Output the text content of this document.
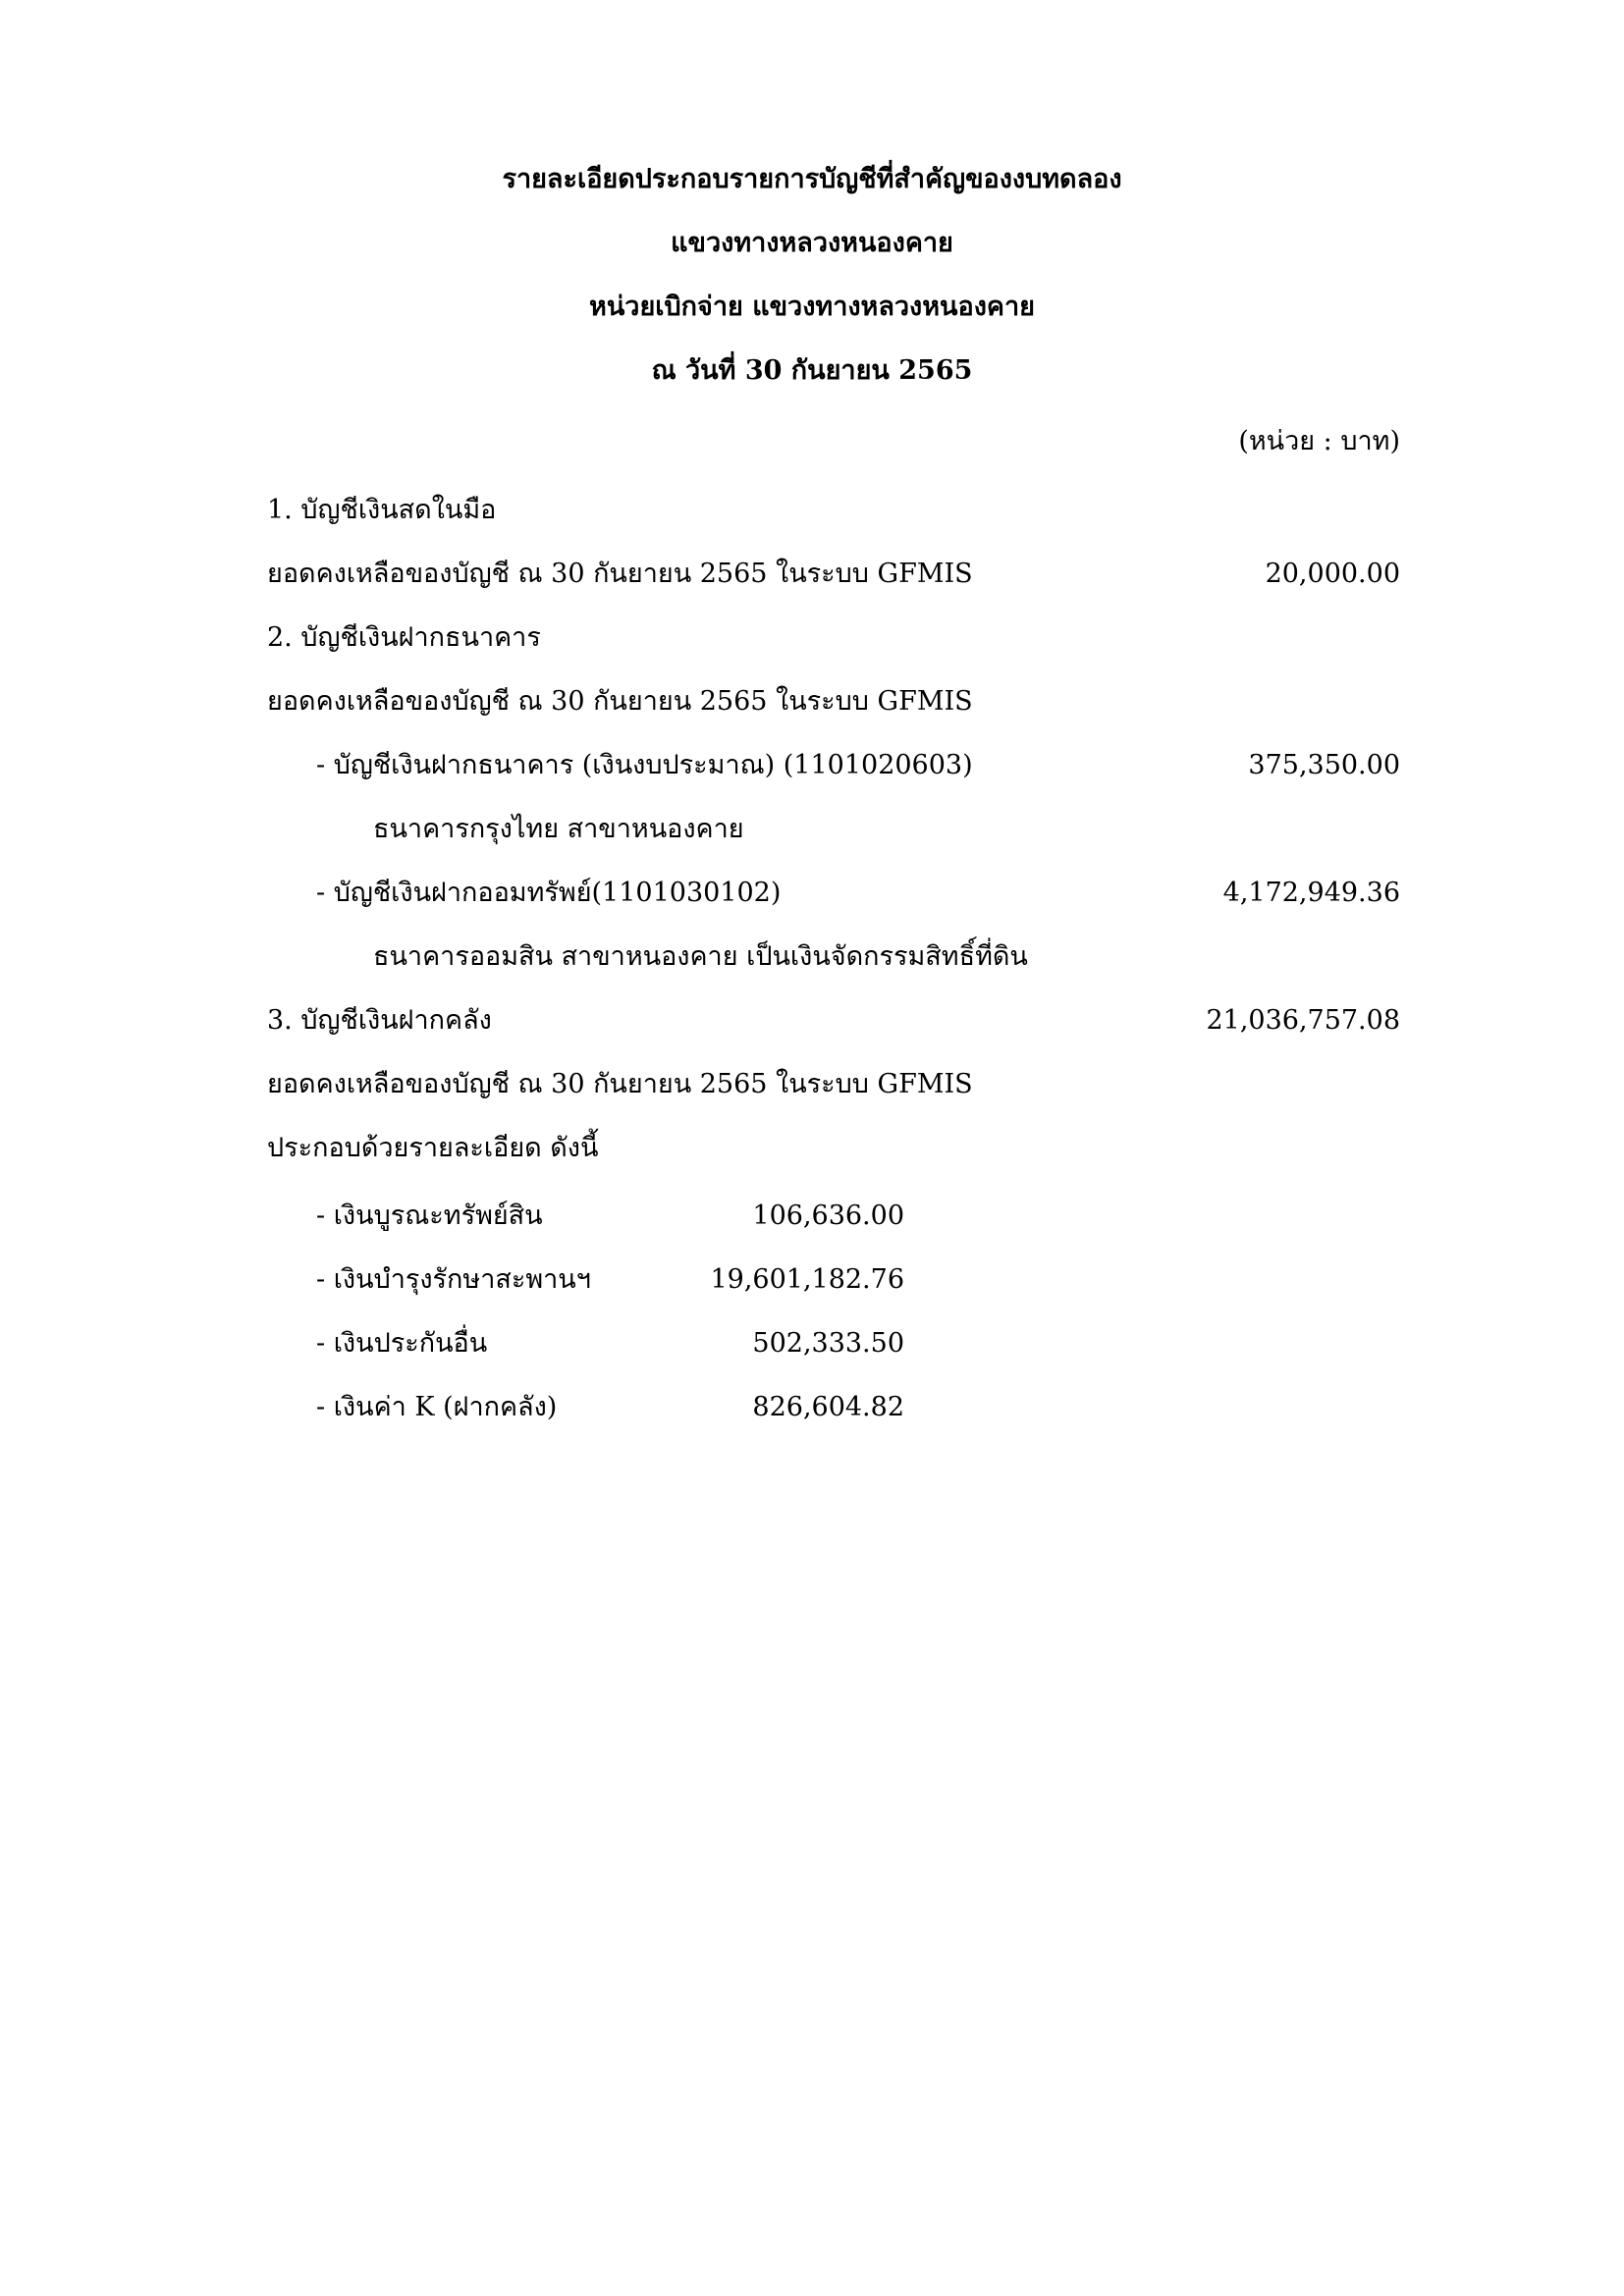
รายละเอียดประกอบรายการบัญชีที่สำคัญของงบทดลอง
แขวงทางหลวงหนองคาย
หน่วยเบิกจ่าย แขวงทางหลวงหนองคาย
ณ วันที่ 30 กันยายน 2565
(หน่วย : บาท)
1. บัญชีเงินสดในมือ
ยอดคงเหลือของบัญชี ณ 30 กันยายน 2565 ในระบบ GFMIS	20,000.00
2. บัญชีเงินฝากธนาคาร
ยอดคงเหลือของบัญชี ณ 30 กันยายน 2565 ในระบบ GFMIS
- บัญชีเงินฝากธนาคาร (เงินงบประมาณ) (1101020603)	375,350.00
ธนาคารกรุงไทย สาขาหนองคาย
- บัญชีเงินฝากออมทรัพย์(1101030102)	4,172,949.36
ธนาคารออมสิน สาขาหนองคาย เป็นเงินจัดกรรมสิทธิ์ที่ดิน
3. บัญชีเงินฝากคลัง	21,036,757.08
ยอดคงเหลือของบัญชี ณ 30 กันยายน 2565 ในระบบ GFMIS
ประกอบด้วยรายละเอียด ดังนี้
- เงินบูรณะทรัพย์สิน	106,636.00
- เงินบำรุงรักษาสะพานฯ	19,601,182.76
- เงินประกันอื่น	502,333.50
- เงินค่า K (ฝากคลัง)	826,604.82
